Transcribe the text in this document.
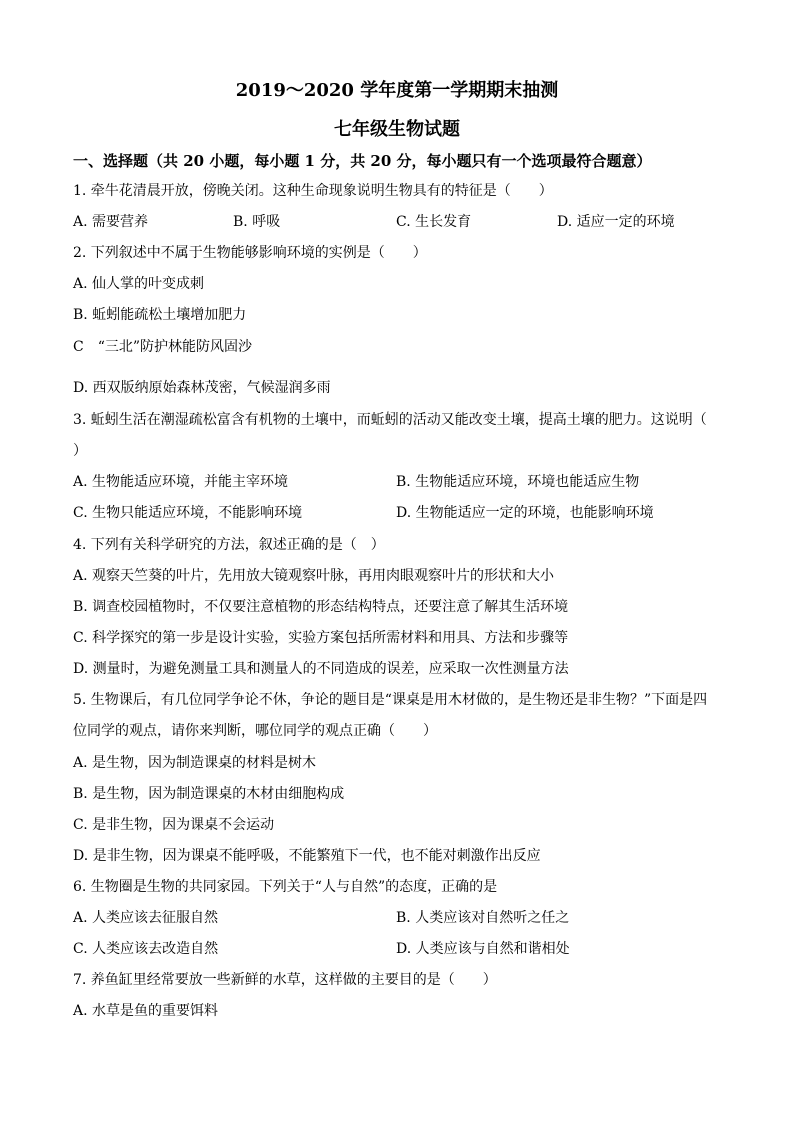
2019～2020 学年度第一学期期末抽测
七年级生物试题
一、选择题（共 20 小题，每小题 1 分，共 20 分，每小题只有一个选项最符合题意）
1. 牵牛花清晨开放，傍晚关闭。这种生命现象说明生物具有的特征是（　　）
A. 需要营养	B. 呼吸	C. 生长发育	D. 适应一定的环境
2. 下列叙述中不属于生物能够影响环境的实例是（　　）
A. 仙人掌的叶变成刺
B. 蚯蚓能疏松土壤增加肥力
C　“三北”防护林能防风固沙
D. 西双版纳原始森林茂密，气候湿润多雨
3. 蚯蚓生活在潮湿疏松富含有机物的土壤中，而蚯蚓的活动又能改变土壤，提高土壤的肥力。这说明（
）
A. 生物能适应环境，并能主宰环境	B. 生物能适应环境，环境也能适应生物
C. 生物只能适应环境，不能影响环境	D. 生物能适应一定的环境，也能影响环境
4. 下列有关科学研究的方法，叙述正确的是（　）
A. 观察天竺葵的叶片，先用放大镜观察叶脉，再用肉眼观察叶片的形状和大小
B. 调查校园植物时，不仅要注意植物的形态结构特点，还要注意了解其生活环境
C. 科学探究的第一步是设计实验，实验方案包括所需材料和用具、方法和步骤等
D. 测量时，为避免测量工具和测量人的不同造成的误差，应采取一次性测量方法
5. 生物课后，有几位同学争论不休，争论的题目是“课桌是用木材做的，是生物还是非生物？”下面是四
位同学的观点，请你来判断，哪位同学的观点正确（　　）
A. 是生物，因为制造课桌的材料是树木
B. 是生物，因为制造课桌的木材由细胞构成
C. 是非生物，因为课桌不会运动
D. 是非生物，因为课桌不能呼吸，不能繁殖下一代，也不能对刺激作出反应
6. 生物圈是生物的共同家园。下列关于“人与自然”的态度，正确的是
A. 人类应该去征服自然	B. 人类应该对自然听之任之
C. 人类应该去改造自然	D. 人类应该与自然和谐相处
7. 养鱼缸里经常要放一些新鲜的水草，这样做的主要目的是（　　）
A. 水草是鱼的重要饵料
